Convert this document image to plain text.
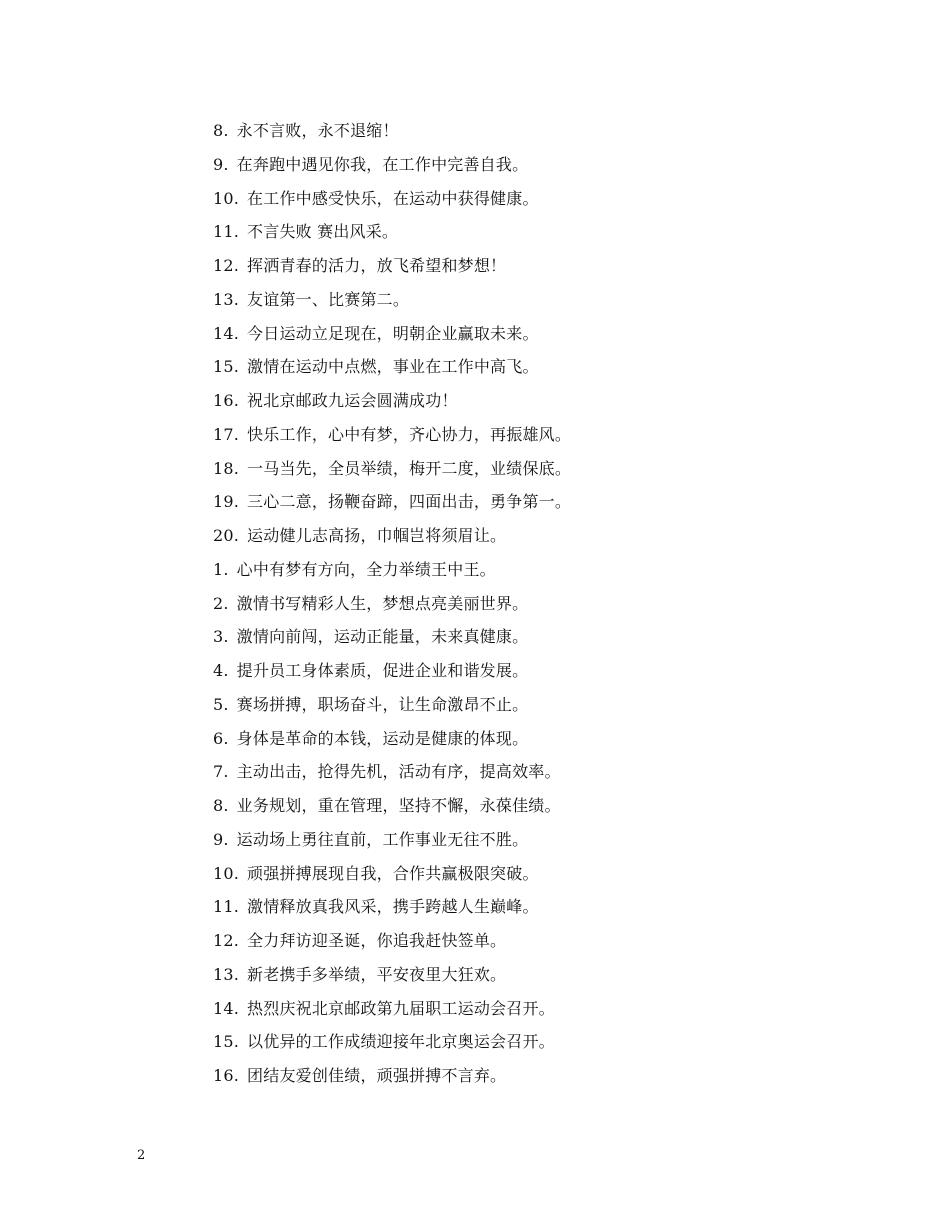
8. 永不言败，永不退缩！
9. 在奔跑中遇见你我，在工作中完善自我。
10. 在工作中感受快乐，在运动中获得健康。
11. 不言失败 赛出风采。
12. 挥洒青春的活力，放飞希望和梦想！
13. 友谊第一、比赛第二。
14. 今日运动立足现在，明朝企业赢取未来。
15. 激情在运动中点燃，事业在工作中高飞。
16. 祝北京邮政九运会圆满成功！
17. 快乐工作，心中有梦，齐心协力，再振雄风。
18. 一马当先，全员举绩，梅开二度，业绩保底。
19. 三心二意，扬鞭奋蹄，四面出击，勇争第一。
20. 运动健儿志高扬，巾帼岂将须眉让。
1. 心中有梦有方向，全力举绩王中王。
2. 激情书写精彩人生，梦想点亮美丽世界。
3. 激情向前闯，运动正能量，未来真健康。
4. 提升员工身体素质，促进企业和谐发展。
5. 赛场拼搏，职场奋斗，让生命激昂不止。
6. 身体是革命的本钱，运动是健康的体现。
7. 主动出击，抢得先机，活动有序，提高效率。
8. 业务规划，重在管理，坚持不懈，永葆佳绩。
9. 运动场上勇往直前，工作事业无往不胜。
10. 顽强拼搏展现自我，合作共赢极限突破。
11. 激情释放真我风采，携手跨越人生巅峰。
12. 全力拜访迎圣诞，你追我赶快签单。
13. 新老携手多举绩，平安夜里大狂欢。
14. 热烈庆祝北京邮政第九届职工运动会召开。
15. 以优异的工作成绩迎接年北京奥运会召开。
16. 团结友爱创佳绩，顽强拼搏不言弃。
2
